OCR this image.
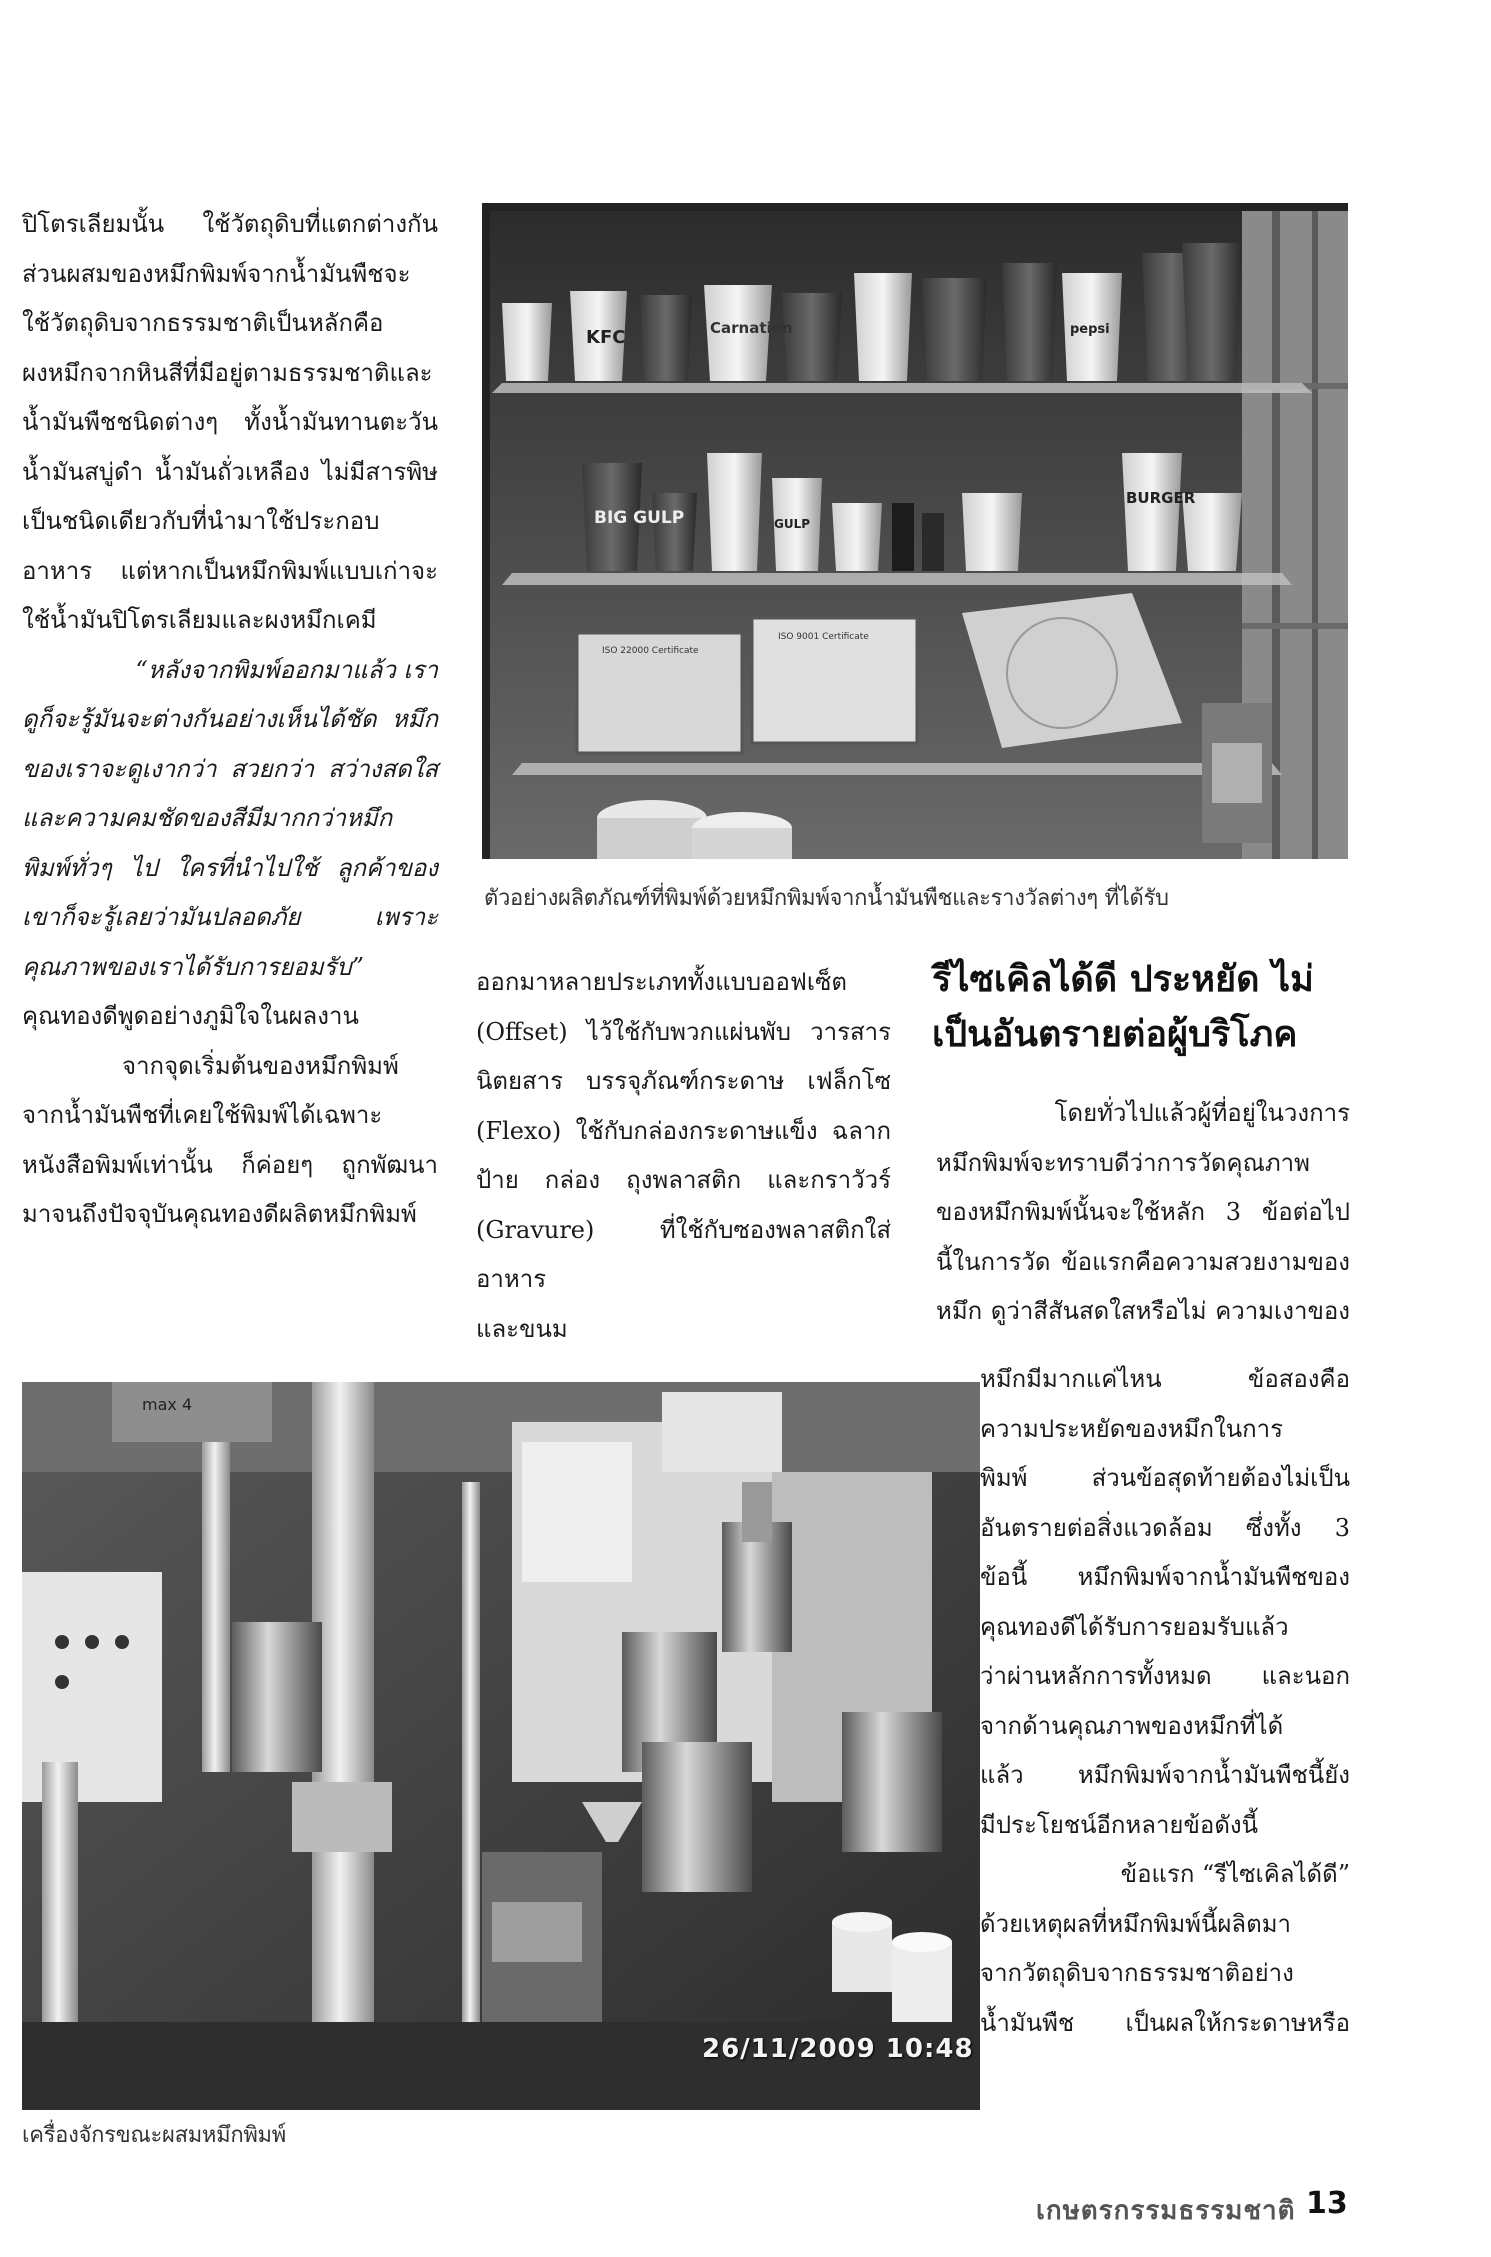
ปิโตรเลียมนั้น ใช้วัตถุดิบที่แตกต่างกัน

ส่วนผสมของหมึกพิมพ์จากน้ำมันพืชจะ

ใช้วัตถุดิบจากธรรมชาติเป็นหลักคือ

ผงหมึกจากหินสีที่มีอยู่ตามธรรมชาติและ

น้ำมันพืชชนิดต่างๆ ทั้งน้ำมันทานตะวัน

น้ำมันสบู่ดำ น้ำมันถั่วเหลือง ไม่มีสารพิษ

เป็นชนิดเดียวกับที่นำมาใช้ประกอบ

อาหาร แต่หากเป็นหมึกพิมพ์แบบเก่าจะ

ใช้น้ำมันปิโตรเลียมและผงหมึกเคมี

“หลังจากพิมพ์ออกมาแล้ว เรา

ดูก็จะรู้มันจะต่างกันอย่างเห็นได้ชัด หมึก

ของเราจะดูเงากว่า สวยกว่า สว่างสดใส

และความคมชัดของสีมีมากกว่าหมึก

พิมพ์ทั่วๆ ไป ใครที่นำไปใช้ ลูกค้าของ

เขาก็จะรู้เลยว่ามันปลอดภัย เพราะ

คุณภาพของเราได้รับการยอมรับ”

คุณทองดีพูดอย่างภูมิใจในผลงาน

จากจุดเริ่มต้นของหมึกพิมพ์

จากน้ำมันพืชที่เคยใช้พิมพ์ได้เฉพาะ

หนังสือพิมพ์เท่านั้น ก็ค่อยๆ ถูกพัฒนา

มาจนถึงปัจจุบันคุณทองดีผลิตหมึกพิมพ์

KFC	Carnation	pepsi
BIG GULP
BURGER
GULP
ISO 22000 Certificate
ISO 9001 Certificate
ตัวอย่างผลิตภัณฑ์ที่พิมพ์ด้วยหมึกพิมพ์จากน้ำมันพืชและรางวัลต่างๆ ที่ได้รับ

ออกมาหลายประเภททั้งแบบออฟเซ็ต

(Offset) ไว้ใช้กับพวกแผ่นพับ วารสาร

นิตยสาร บรรจุภัณฑ์กระดาษ เฟล็กโซ

(Flexo) ใช้กับกล่องกระดาษแข็ง ฉลาก

ป้าย กล่อง ถุงพลาสติก และกราวัวร์

(Gravure) ที่ใช้กับซองพลาสติกใส่อาหาร

และขนม

รีไซเคิลได้ดี ประหยัด ไม่

เป็นอันตรายต่อผู้บริโภค

โดยทั่วไปแล้วผู้ที่อยู่ในวงการ

หมึกพิมพ์จะทราบดีว่าการวัดคุณภาพ

ของหมึกพิมพ์นั้นจะใช้หลัก 3 ข้อต่อไป

นี้ในการวัด ข้อแรกคือความสวยงามของ

หมึก ดูว่าสีสันสดใสหรือไม่ ความเงาของ

หมึกมีมากแค่ไหน ข้อสองคือ

ความประหยัดของหมึกในการ

พิมพ์ ส่วนข้อสุดท้ายต้องไม่เป็น

อันตรายต่อสิ่งแวดล้อม ซึ่งทั้ง 3

ข้อนี้ หมึกพิมพ์จากน้ำมันพืชของ

คุณทองดีได้รับการยอมรับแล้ว

ว่าผ่านหลักการทั้งหมด และนอก

จากด้านคุณภาพของหมึกที่ได้

แล้ว หมึกพิมพ์จากน้ำมันพืชนี้ยัง

มีประโยชน์อีกหลายข้อดังนี้

ข้อแรก “รีไซเคิลได้ดี”

ด้วยเหตุผลที่หมึกพิมพ์นี้ผลิตมา

จากวัตถุดิบจากธรรมชาติอย่าง

น้ำมันพืช เป็นผลให้กระดาษหรือ

max 4
26/11/2009 10:48
เครื่องจักรขณะผสมหมึกพิมพ์
เกษตรกรรมธรรมชาติ 13
